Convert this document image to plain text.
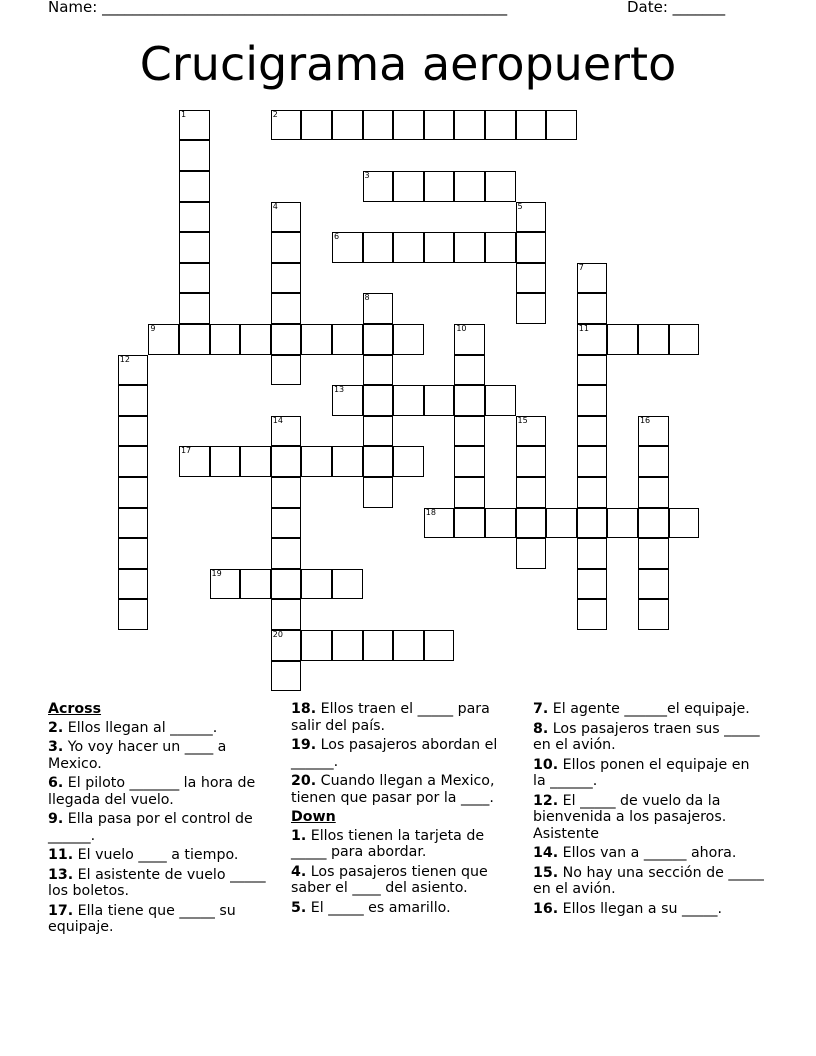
Name: ______________________________________________________	Date: _______
Crucigrama aeropuerto
1	2
3
4	5
6
7
11
8
9	10
12
13
14
20
15	16
17
18
19
Across
2. Ellos llegan al ______.
3. Yo voy hacer un ____ a Mexico.
6. El piloto _______ la hora de llegada del vuelo.
9. Ella pasa por el control de ______.
11. El vuelo ____ a tiempo.
13. El asistente de vuelo _____ los boletos.
17. Ella tiene que _____ su equipaje.
18. Ellos traen el _____ para salir del país.
19. Los pasajeros abordan el ______.
20. Cuando llegan a Mexico, tienen que pasar por la ____.
Down
1. Ellos tienen la tarjeta de _____ para abordar.
4. Los pasajeros tienen que saber el ____ del asiento.
5. El _____ es amarillo.
7. El agente ______el equipaje.
8. Los pasajeros traen sus _____ en el avión.
10. Ellos ponen el equipaje en la ______.
12. El _____ de vuelo da la bienvenida a los pasajeros. Asistente
14. Ellos van a ______ ahora.
15. No hay una sección de _____ en el avión.
16. Ellos llegan a su _____.
